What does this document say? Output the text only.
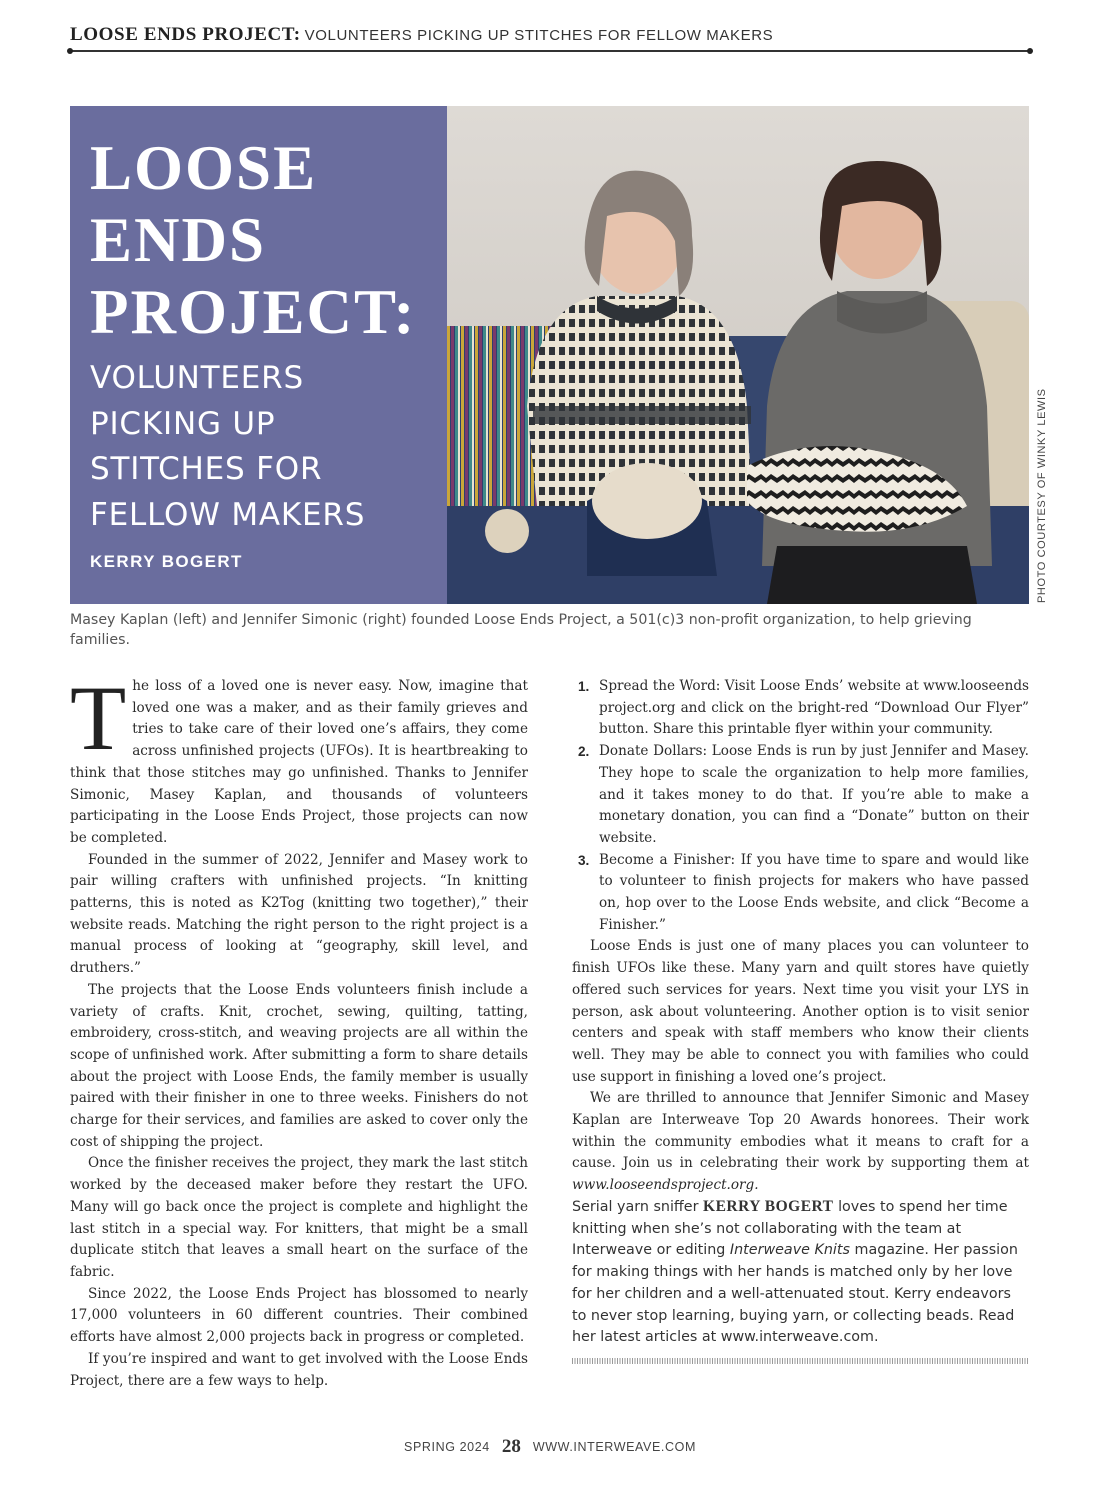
LOOSE ENDS PROJECT: VOLUNTEERS PICKING UP STITCHES FOR FELLOW MAKERS
LOOSE
ENDS
PROJECT:
VOLUNTEERS
PICKING UP
STITCHES FOR
FELLOW MAKERS
KERRY BOGERT	PHOTO COURTESY OF WINKY LEWIS
Masey Kaplan (left) and Jennifer Simonic (right) founded Loose Ends Project, a 501(c)3 non-profit organization, to help grieving families.

The loss of a loved one is never easy. Now, imagine that loved one was a maker, and as their family grieves and tries to take care of their loved one’s affairs, they come across unfinished projects (UFOs). It is heartbreaking to think that those stitches may go unfinished. Thanks to Jennifer Simonic, Masey Kaplan, and thousands of volunteers participating in the Loose Ends Project, those projects can now be completed.

Founded in the summer of 2022, Jennifer and Masey work to pair willing crafters with unfinished projects. “In knitting patterns, this is noted as K2Tog (knitting two together),” their website reads. Matching the right person to the right project is a manual process of looking at “geography, skill level, and druthers.”

The projects that the Loose Ends volunteers finish include a variety of crafts. Knit, crochet, sewing, quilting, tatting, embroidery, cross-stitch, and weaving projects are all within the scope of unfinished work. After submitting a form to share details about the project with Loose Ends, the family member is usually paired with their finisher in one to three weeks. Finishers do not charge for their services, and families are asked to cover only the cost of shipping the project.

Once the finisher receives the project, they mark the last stitch worked by the deceased maker before they restart the UFO. Many will go back once the project is complete and highlight the last stitch in a special way. For knitters, that might be a small duplicate stitch that leaves a small heart on the surface of the fabric.

Since 2022, the Loose Ends Project has blossomed to nearly 17,000 volunteers in 60 different countries. Their combined efforts have almost 2,000 projects back in progress or completed.

If you’re inspired and want to get involved with the Loose Ends Project, there are a few ways to help.

1. Spread the Word: Visit Loose Ends’ website at www.looseends project.org and click on the bright-red “Download Our Flyer” button. Share this printable flyer within your community.
2. Donate Dollars: Loose Ends is run by just Jennifer and Masey. They hope to scale the organization to help more families, and it takes money to do that. If you’re able to make a monetary donation, you can find a “Donate” button on their website.
3. Become a Finisher: If you have time to spare and would like to volunteer to finish projects for makers who have passed on, hop over to the Loose Ends website, and click “Become a Finisher.”

Loose Ends is just one of many places you can volunteer to finish UFOs like these. Many yarn and quilt stores have quietly offered such services for years. Next time you visit your LYS in person, ask about volunteering. Another option is to visit senior centers and speak with staff members who know their clients well. They may be able to connect you with families who could use support in finishing a loved one’s project.

We are thrilled to announce that Jennifer Simonic and Masey Kaplan are Interweave Top 20 Awards honorees. Their work within the community embodies what it means to craft for a cause. Join us in celebrating their work by supporting them at www.looseendsproject.org.

Serial yarn sniffer KERRY BOGERT loves to spend her time knitting when she’s not collaborating with the team at Interweave or editing Interweave Knits magazine. Her passion for making things with her hands is matched only by her love for her children and a well-attenuated stout. Kerry endeavors to never stop learning, buying yarn, or collecting beads. Read her latest articles at www.interweave.com.
SPRING 2024 28 WWW.INTERWEAVE.COM
